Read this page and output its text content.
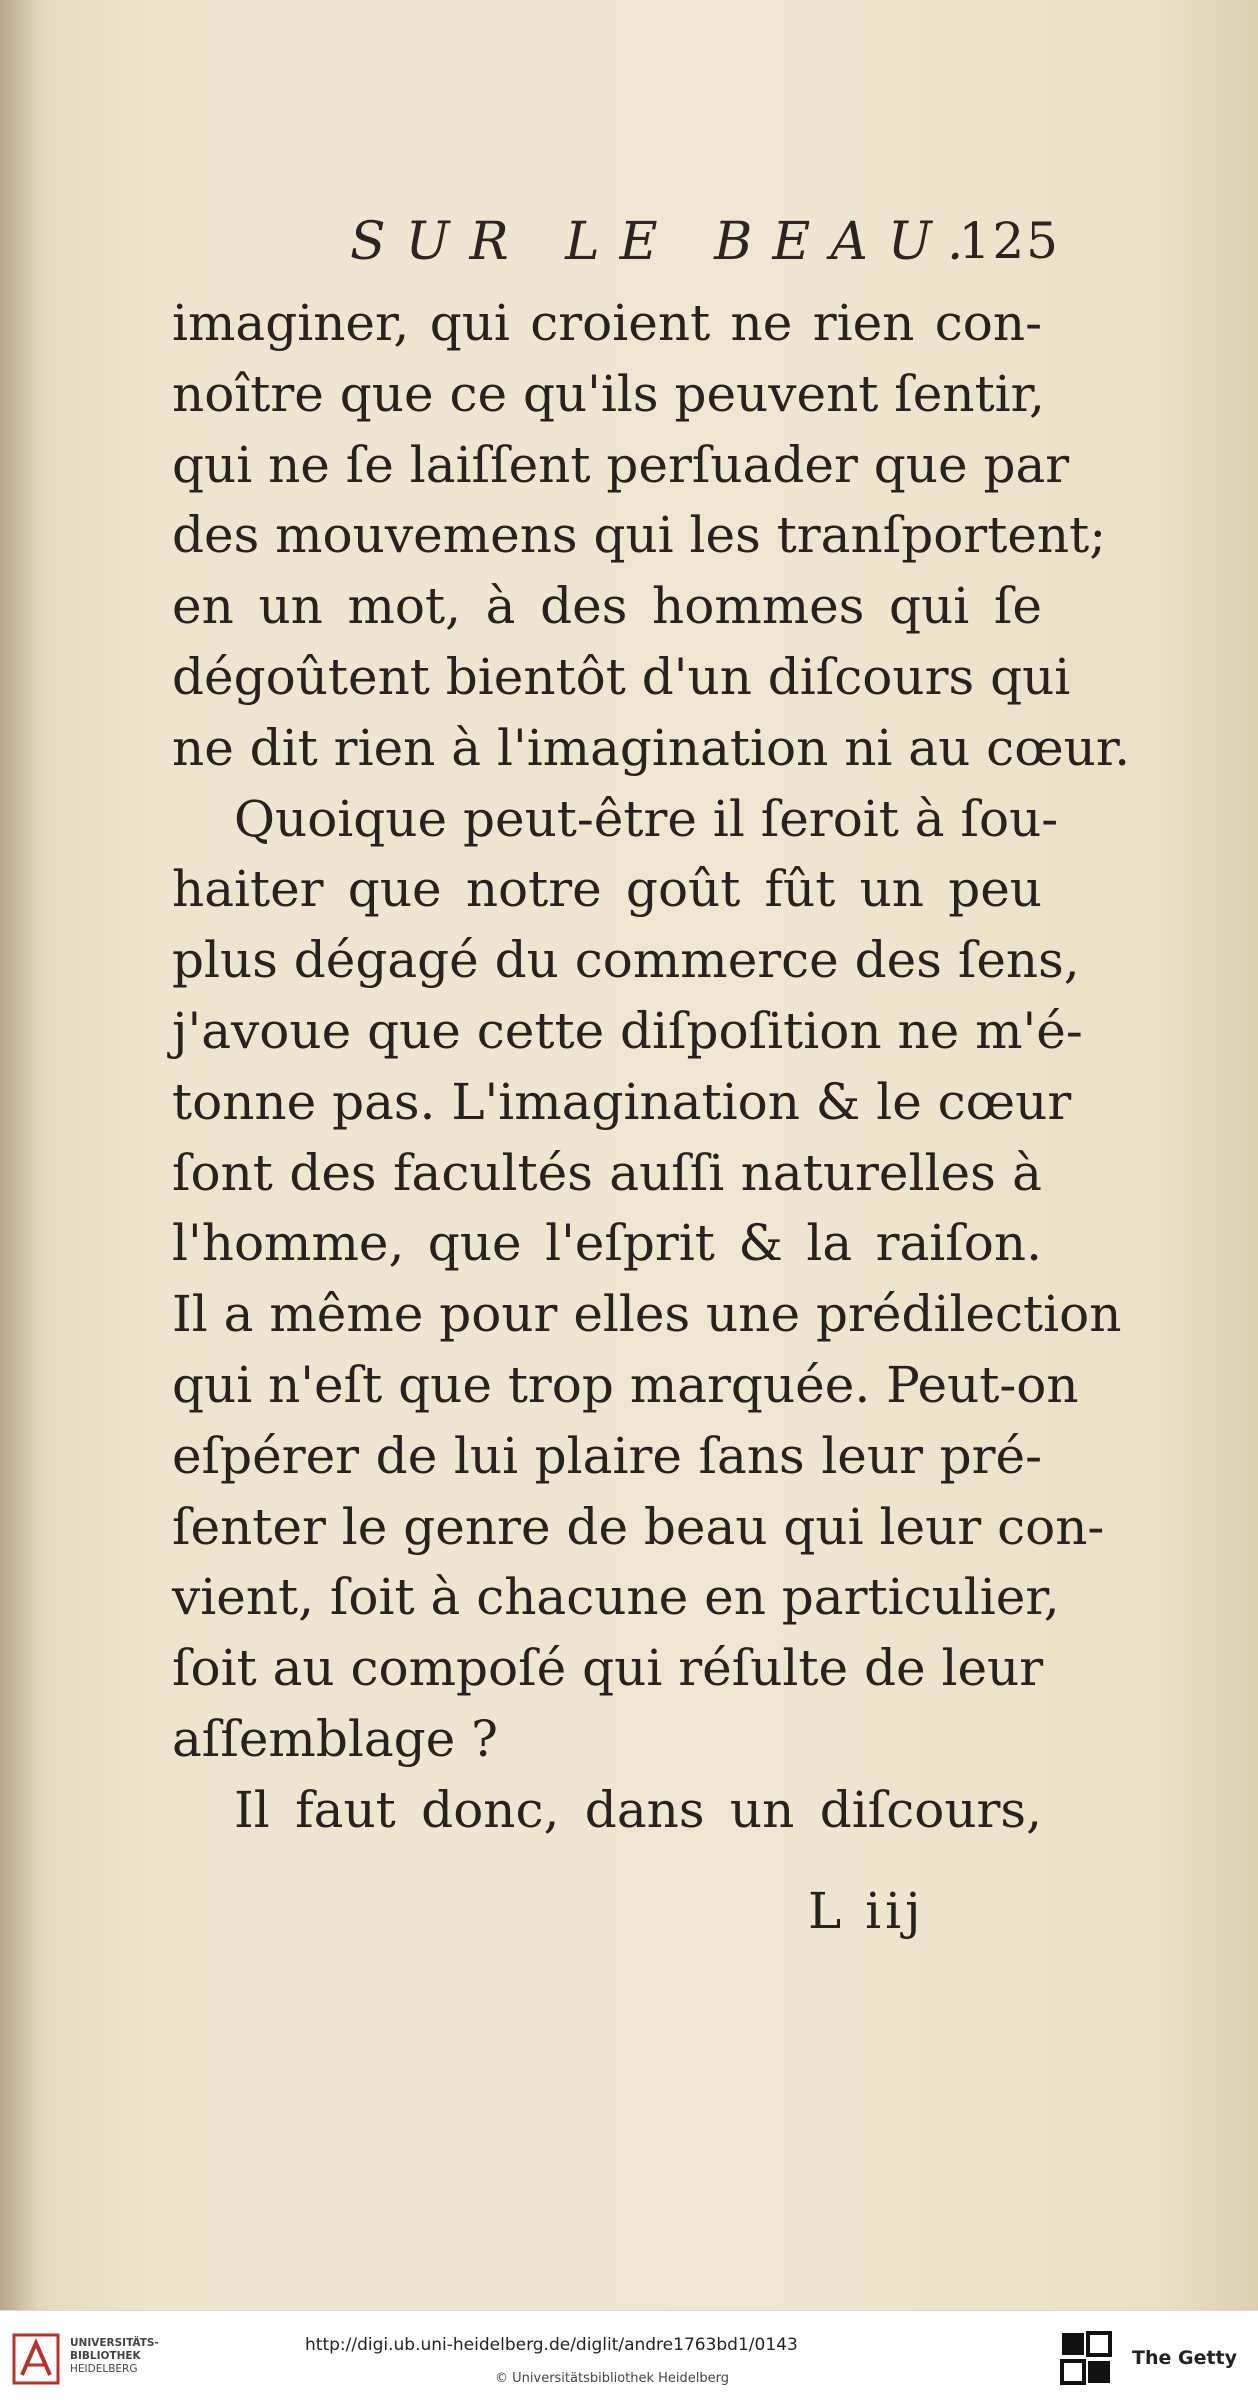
SUR LE BEAU.
125
imaginer, qui croient ne rien con-
noître que ce qu'ils peuvent ſentir,
qui ne ſe laiſſent perſuader que par
des mouvemens qui les tranſportent;
en un mot, à des hommes qui ſe
dégoûtent bientôt d'un diſcours qui
ne dit rien à l'imagination ni au cœur.
Quoique peut-être il ſeroit à ſou-
haiter que notre goût fût un peu
plus dégagé du commerce des ſens,
j'avoue que cette diſpoſition ne m'é-
tonne pas. L'imagination & le cœur
ſont des facultés auſſi naturelles à
l'homme, que l'eſprit & la raiſon.
Il a même pour elles une prédilection
qui n'eſt que trop marquée. Peut-on
eſpérer de lui plaire ſans leur pré-
ſenter le genre de beau qui leur con-
vient, ſoit à chacune en particulier,
ſoit au compoſé qui réſulte de leur
aſſemblage ?
Il faut donc, dans un diſcours,
L iij
UNIVERSITÄTS-
BIBLIOTHEK
HEIDELBERG
http://digi.ub.uni-heidelberg.de/diglit/andre1763bd1/0143
© Universitätsbibliothek Heidelberg
The Getty
